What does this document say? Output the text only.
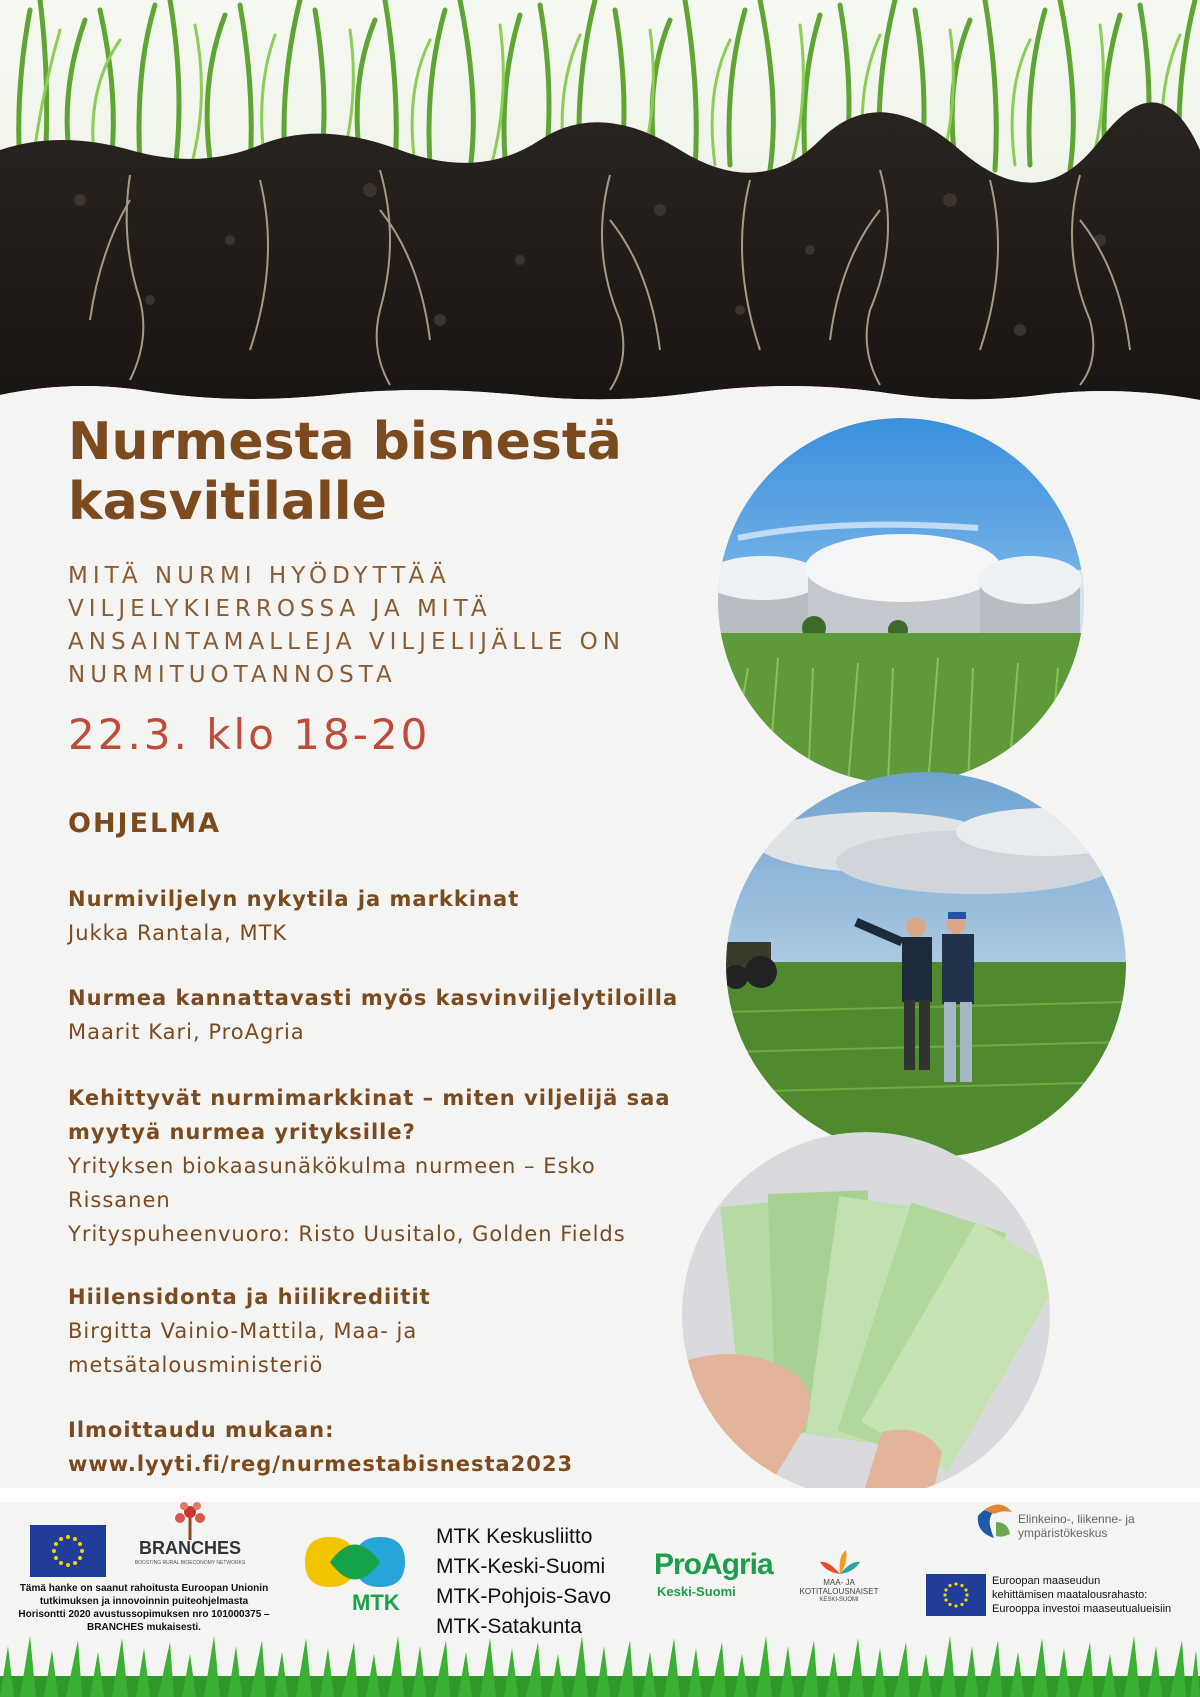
Nurmesta bisnestä
kasvitilalle

MITÄ NURMI HYÖDYTTÄÄ
VILJELYKIERROSSA JA MITÄ
ANSAINTAMALLEJA VILJELIJÄLLE ON
NURMITUOTANNOSTA

22.3. klo 18-20

OHJELMA
Nurmiviljelyn nykytila ja markkinat
Jukka Rantala, MTK
Nurmea kannattavasti myös kasvinviljelytiloilla
Maarit Kari, ProAgria
Kehittyvät nurmimarkkinat – miten viljelijä saa
myytyä nurmea yrityksille?
Yrityksen biokaasunäkökulma nurmeen – Esko
Rissanen
Yrityspuheenvuoro: Risto Uusitalo, Golden Fields
Hiilensidonta ja hiilikrediitit
Birgitta Vainio-Mattila, Maa- ja
metsätalousministeriö
Ilmoittaudu mukaan:
www.lyyti.fi/reg/nurmestabisnesta2023
BRANCHES
BOOSTING RURAL BIOECONOMY NETWORKS
Tämä hanke on saanut rahoitusta Euroopan Unionin
tutkimuksen ja innovoinnin puiteohjelmasta
Horisontti 2020 avustussopimuksen nro 101000375 –
BRANCHES mukaisesti.
MTK
MTK Keskusliitto
MTK-Keski-Suomi
MTK-Pohjois-Savo
MTK-Satakunta
ProAgria
Keski-Suomi
MAA- JA
KOTITALOUSNAISET
KESKI-SUOMI
Elinkeino-, liikenne- ja
ympäristökeskus
Euroopan maaseudun
kehittämisen maatalousrahasto:
Eurooppa investoi maaseutualueisiin
